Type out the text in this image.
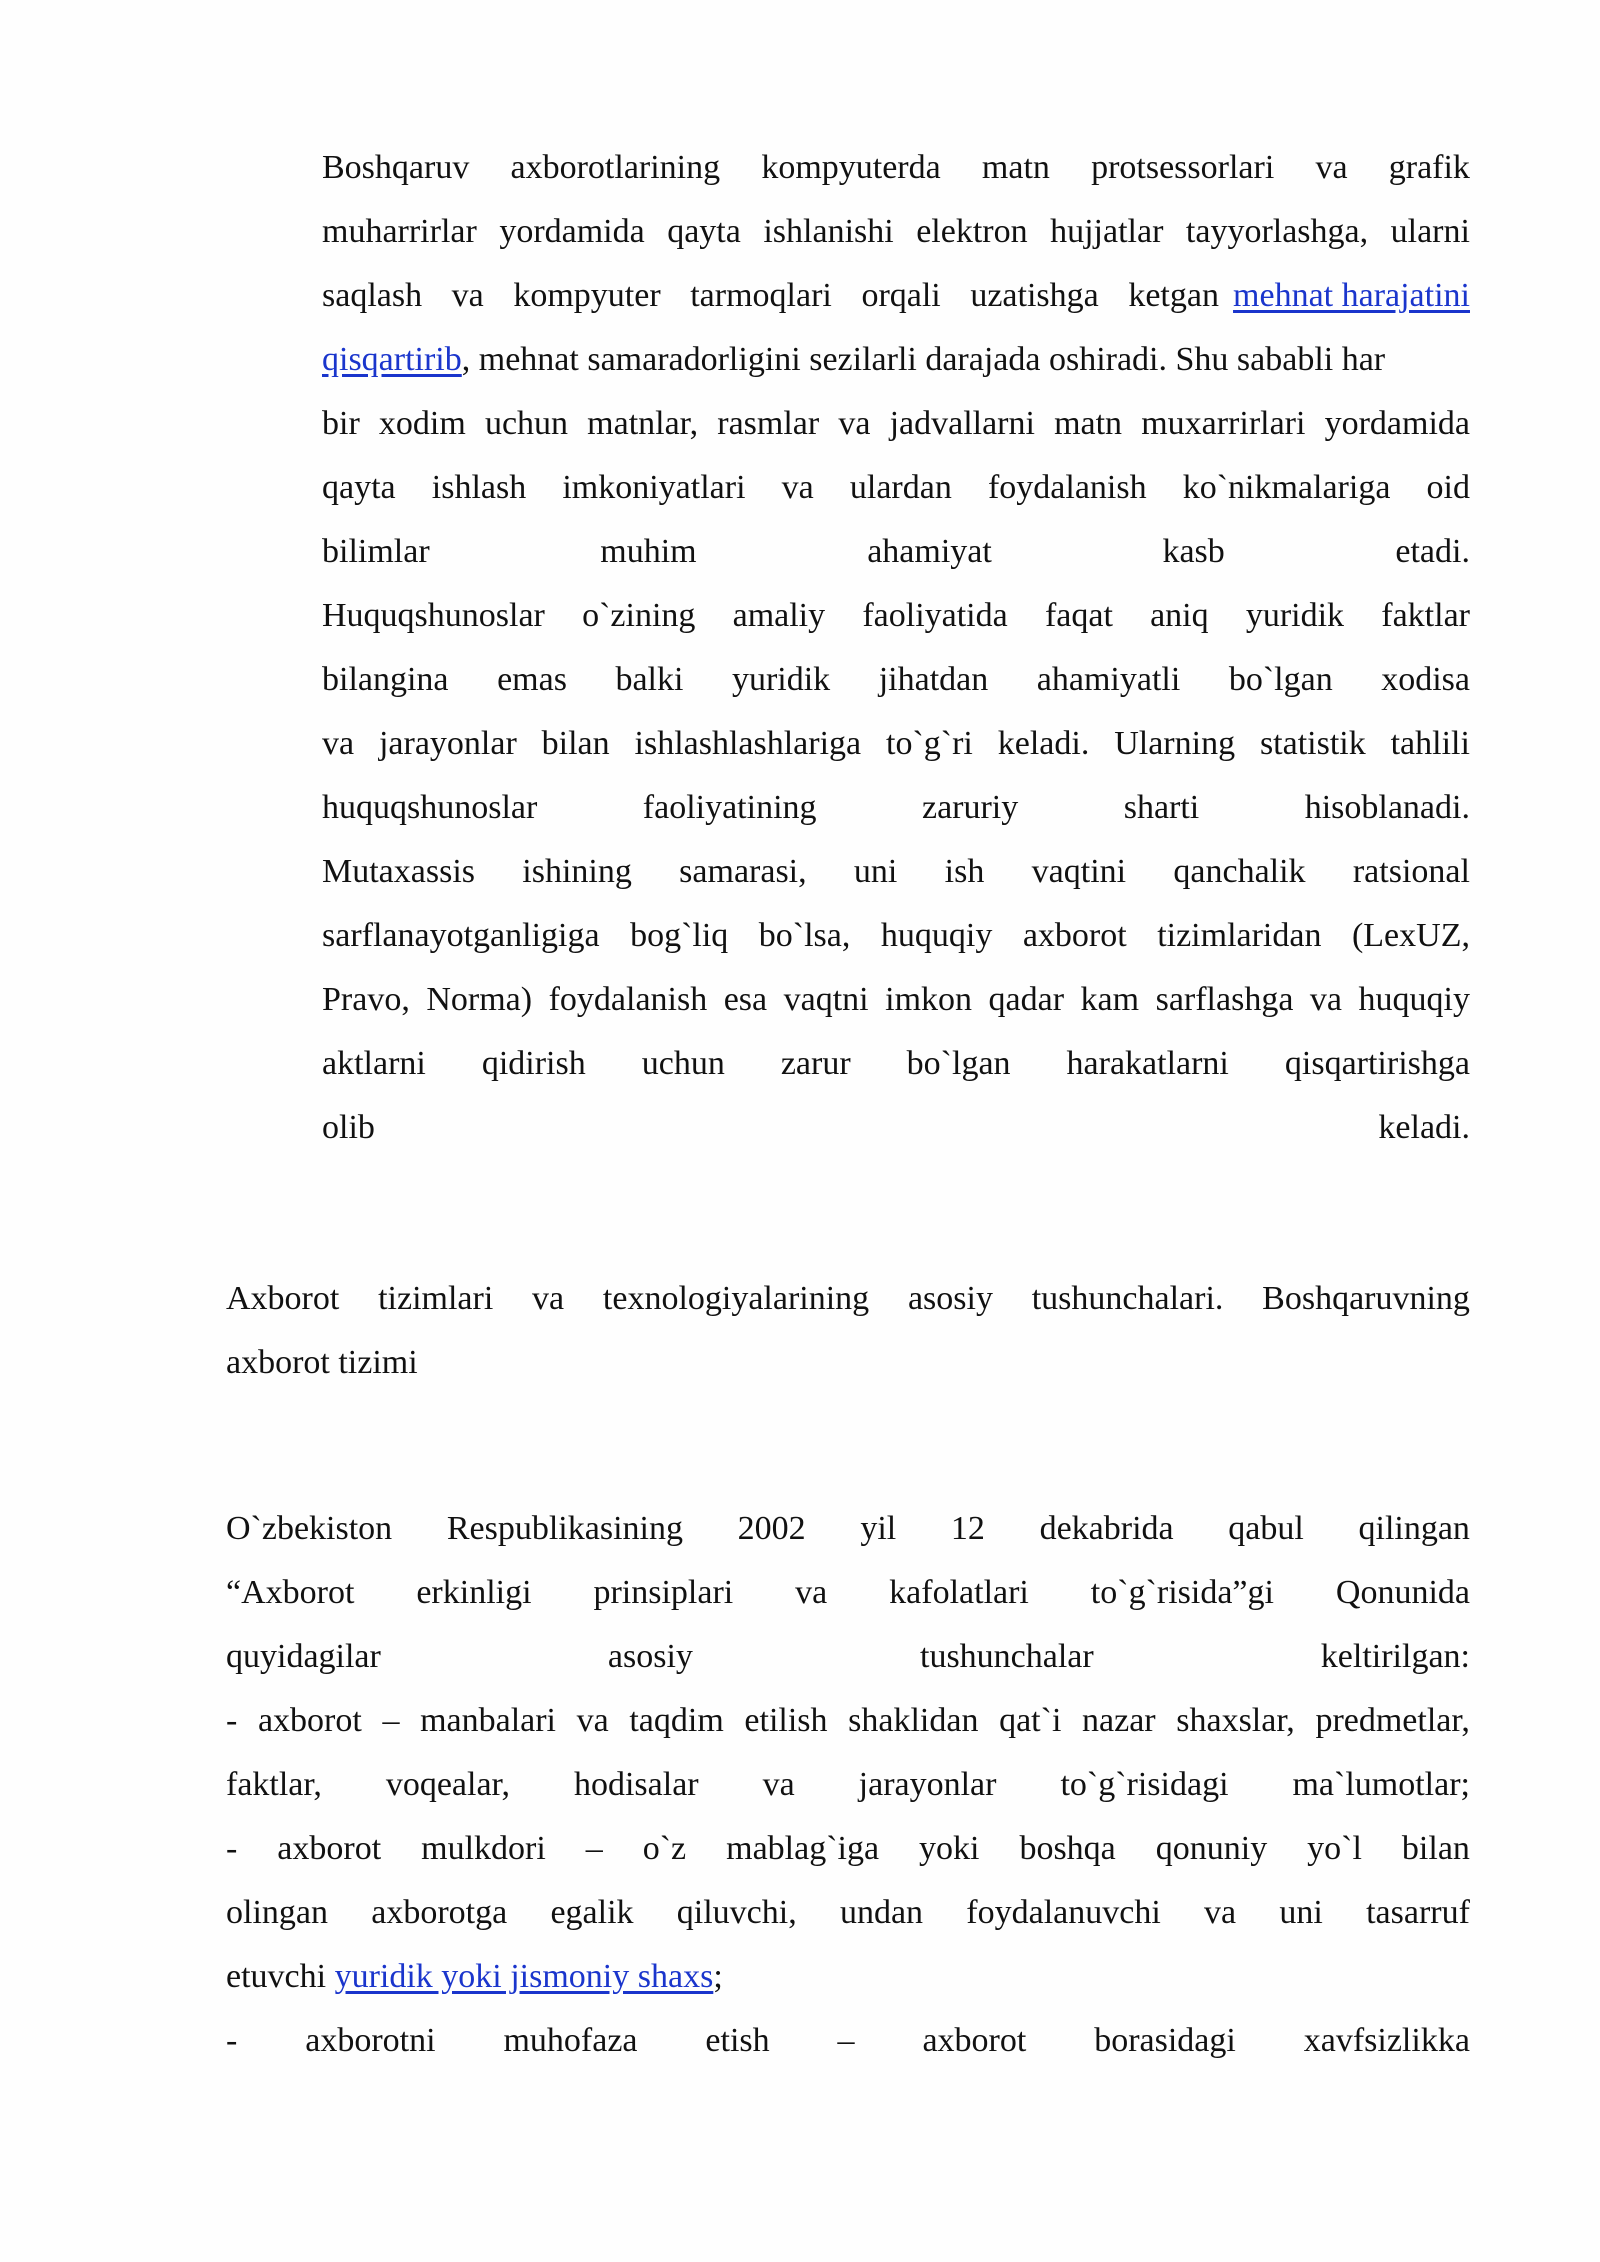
Boshqaruv axborotlarining kompyuterda matn protsessorlari va grafik
muharrirlar yordamida qayta ishlanishi elektron hujjatlar tayyorlashga, ularni
saqlash va kompyuter tarmoqlari orqali uzatishga ketgan mehnat harajatini
qisqartirib, mehnat samaradorligini sezilarli darajada oshiradi. Shu sababli har
bir xodim uchun matnlar, rasmlar va jadvallarni matn muxarrirlari yordamida
qayta ishlash imkoniyatlari va ulardan foydalanish ko`nikmalariga oid
bilimlar	muhim	ahamiyat	kasb	etadi.
Huquqshunoslar o`zining amaliy faoliyatida faqat aniq yuridik faktlar
bilangina emas balki yuridik jihatdan ahamiyatli bo`lgan xodisa
va jarayonlar bilan ishlashlashlariga to`g`ri keladi. Ularning statistik tahlili
huquqshunoslar	faoliyatining	zaruriy	sharti	hisoblanadi.
Mutaxassis ishining samarasi, uni ish vaqtini qanchalik ratsional
sarflanayotganligiga bog`liq bo`lsa, huquqiy axborot tizimlaridan (LexUZ,
Pravo, Norma) foydalanish esa vaqtni imkon qadar kam sarflashga va huquqiy
aktlarni qidirish uchun zarur bo`lgan harakatlarni qisqartirishga
olib	keladi.
Axborot tizimlari va texnologiyalarining asosiy tushunchalari. Boshqaruvning
axborot tizimi
O`zbekiston Respublikasining 2002 yil 12 dekabrida qabul qilingan
“Axborot erkinligi prinsiplari va kafolatlari to`g`risida”gi Qonunida
quyidagilar	asosiy	tushunchalar	keltirilgan:
- axborot – manbalari va taqdim etilish shaklidan qat`i nazar shaxslar, predmetlar,
faktlar, voqealar, hodisalar va jarayonlar to`g`risidagi ma`lumotlar;
- axborot mulkdori – o`z mablag`iga yoki boshqa qonuniy yo`l bilan
olingan axborotga egalik qiluvchi, undan foydalanuvchi va uni tasarruf
etuvchi yuridik yoki jismoniy shaxs;
- axborotni muhofaza etish – axborot borasidagi xavfsizlikka
